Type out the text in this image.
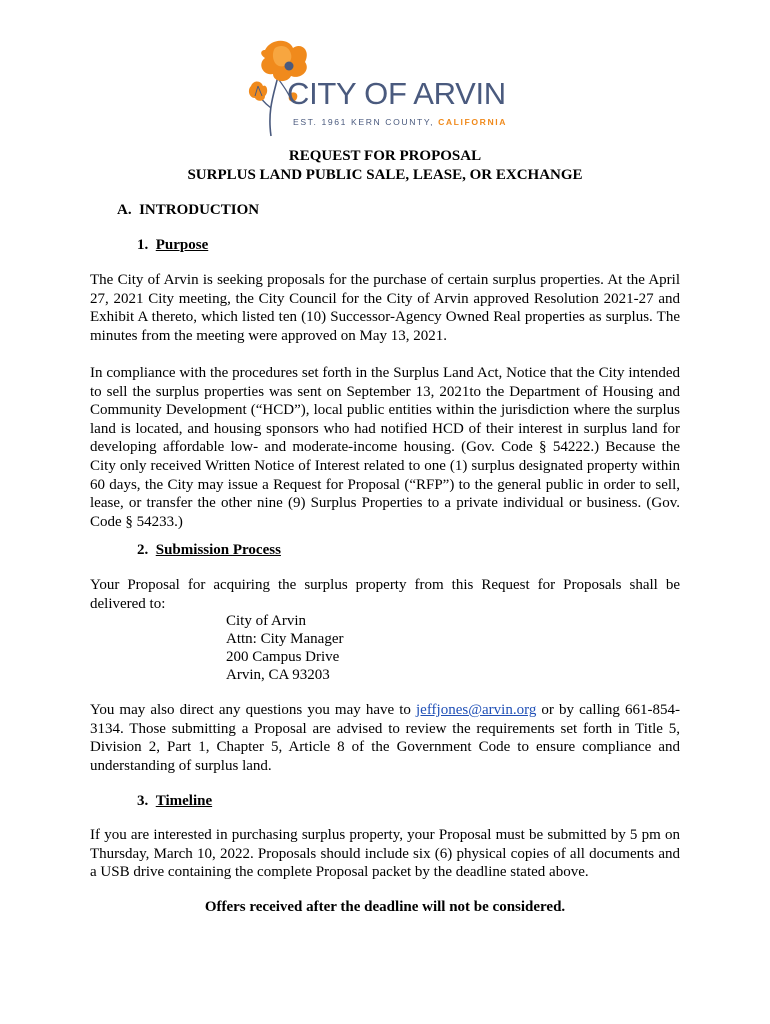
CITY OF ARVIN
EST. 1961 KERN COUNTY, CALIFORNIA
REQUEST FOR PROPOSAL
SURPLUS LAND PUBLIC SALE, LEASE, OR EXCHANGE
A. INTRODUCTION
1. Purpose

The City of Arvin is seeking proposals for the purchase of certain surplus properties. At the April 27, 2021 City meeting, the City Council for the City of Arvin approved Resolution 2021-27 and Exhibit A thereto, which listed ten (10) Successor-Agency Owned Real properties as surplus. The minutes from the meeting were approved on May 13, 2021.

In compliance with the procedures set forth in the Surplus Land Act, Notice that the City intended to sell the surplus properties was sent on September 13, 2021to the Department of Housing and Community Development (“HCD”), local public entities within the jurisdiction where the surplus land is located, and housing sponsors who had notified HCD of their interest in surplus land for developing affordable low- and moderate-income housing. (Gov. Code § 54222.) Because the City only received Written Notice of Interest related to one (1) surplus designated property within 60 days, the City may issue a Request for Proposal (“RFP”) to the general public in order to sell, lease, or transfer the other nine (9) Surplus Properties to a private individual or business. (Gov. Code § 54233.)

2. Submission Process

Your Proposal for acquiring the surplus property from this Request for Proposals shall be delivered to:

City of Arvin
Attn: City Manager
200 Campus Drive
Arvin, CA 93203

You may also direct any questions you may have to jeffjones@arvin.org or by calling 661-854-3134. Those submitting a Proposal are advised to review the requirements set forth in Title 5, Division 2, Part 1, Chapter 5, Article 8 of the Government Code to ensure compliance and understanding of surplus land.

3. Timeline

If you are interested in purchasing surplus property, your Proposal must be submitted by 5 pm on Thursday, March 10, 2022. Proposals should include six (6) physical copies of all documents and a USB drive containing the complete Proposal packet by the deadline stated above.

Offers received after the deadline will not be considered.
